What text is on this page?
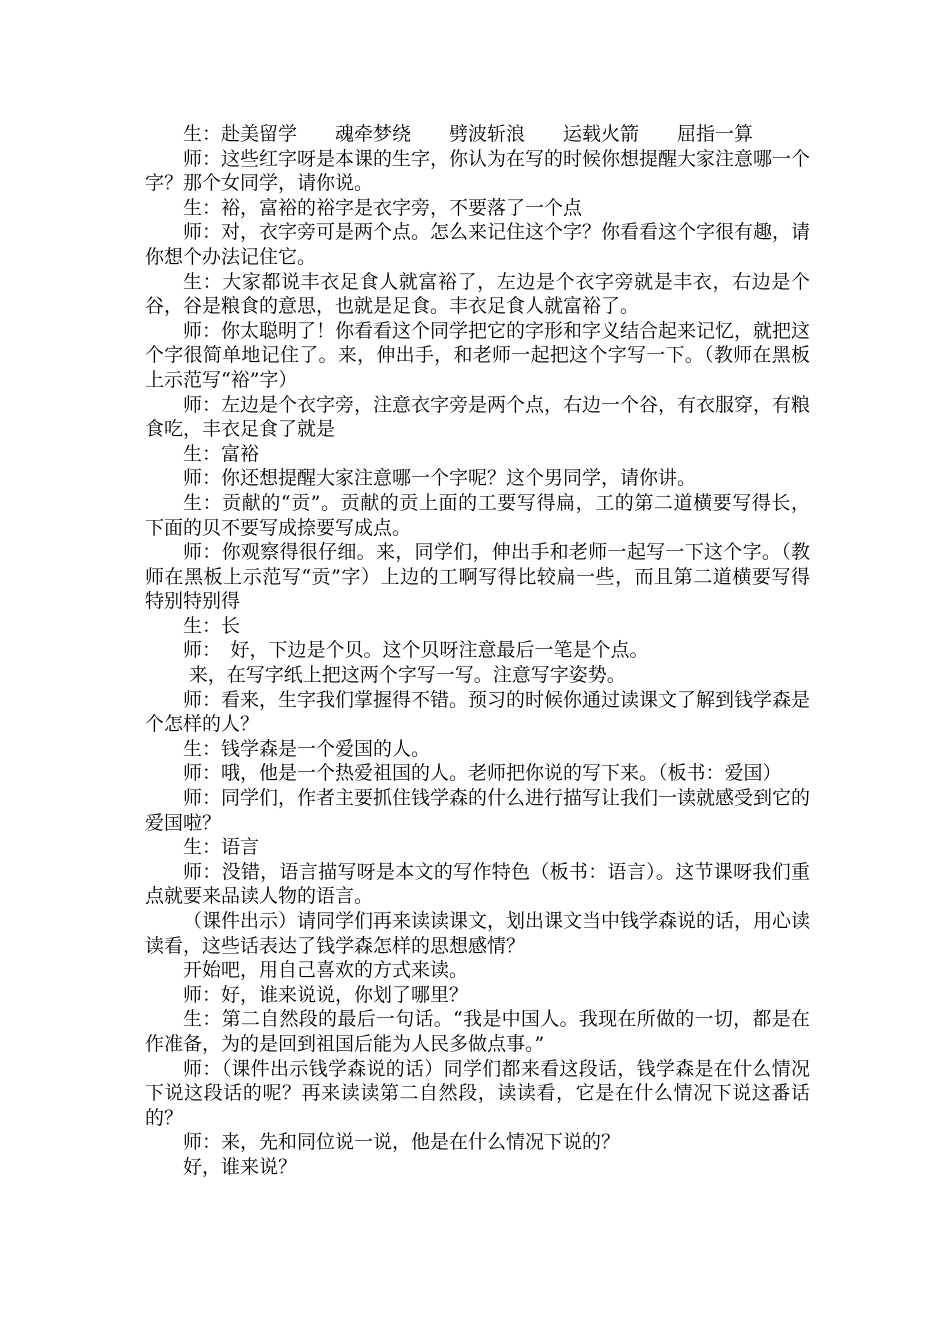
生：赴美留学　　魂牵梦绕　　劈波斩浪　　运载火箭　　屈指一算

师：这些红字呀是本课的生字，你认为在写的时候你想提醒大家注意哪一个字？那个女同学，请你说。

生：裕，富裕的裕字是衣字旁，不要落了一个点

师：对，衣字旁可是两个点。怎么来记住这个字？你看看这个字很有趣，请你想个办法记住它。

生：大家都说丰衣足食人就富裕了，左边是个衣字旁就是丰衣，右边是个谷，谷是粮食的意思，也就是足食。丰衣足食人就富裕了。

师：你太聪明了！你看看这个同学把它的字形和字义结合起来记忆，就把这个字很简单地记住了。来，伸出手，和老师一起把这个字写一下。（教师在黑板上示范写“裕”字）

师：左边是个衣字旁，注意衣字旁是两个点，右边一个谷，有衣服穿，有粮食吃，丰衣足食了就是

生：富裕

师：你还想提醒大家注意哪一个字呢？这个男同学，请你讲。

生：贡献的“贡”。贡献的贡上面的工要写得扁，工的第二道横要写得长，下面的贝不要写成捺要写成点。

师：你观察得很仔细。来，同学们，伸出手和老师一起写一下这个字。（教师在黑板上示范写“贡”字）上边的工啊写得比较扁一些，而且第二道横要写得特别特别得

生：长

师：　好，下边是个贝。这个贝呀注意最后一笔是个点。

来，在写字纸上把这两个字写一写。注意写字姿势。

师：看来，生字我们掌握得不错。预习的时候你通过读课文了解到钱学森是个怎样的人？

生：钱学森是一个爱国的人。

师：哦，他是一个热爱祖国的人。老师把你说的写下来。（板书：爱国）

师：同学们，作者主要抓住钱学森的什么进行描写让我们一读就感受到它的爱国啦？

生：语言

师：没错，语言描写呀是本文的写作特色（板书：语言）。这节课呀我们重点就要来品读人物的语言。

（课件出示）请同学们再来读读课文，划出课文当中钱学森说的话，用心读读看，这些话表达了钱学森怎样的思想感情？

开始吧，用自己喜欢的方式来读。

师：好，谁来说说，你划了哪里？

生：第二自然段的最后一句话。“我是中国人。我现在所做的一切，都是在作准备，为的是回到祖国后能为人民多做点事。”

师：（课件出示钱学森说的话）同学们都来看这段话，钱学森是在什么情况下说这段话的呢？再来读读第二自然段，读读看，它是在什么情况下说这番话的？

师：来，先和同位说一说，他是在什么情况下说的？

好，谁来说？
